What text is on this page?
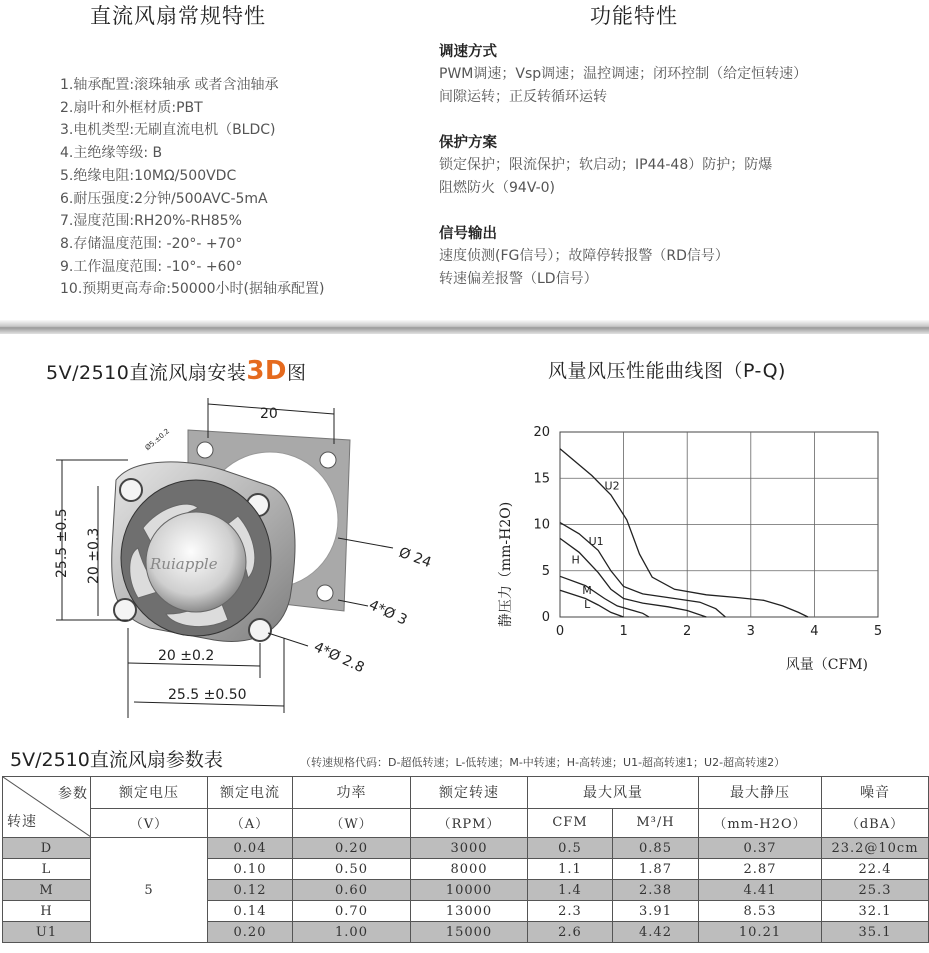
直流风扇常规特性
1.轴承配置:滚珠轴承 或者含油轴承
2.扇叶和外框材质:PBT
3.电机类型:无刷直流电机（BLDC)
4.主绝缘等级: B
5.绝缘电阻:10MΩ/500VDC
6.耐压强度:2分钟/500AVC-5mA
7.湿度范围:RH20%-RH85%
8.存储温度范围: -20°- +70°
9.工作温度范围: -10°- +60°
10.预期更高寿命:50000小时(据轴承配置)
功能特性
调速方式
PWM调速；Vsp调速；温控调速；闭环控制（给定恒转速）
间隙运转；正反转循环运转
保护方案
锁定保护；限流保护；软启动；IP44-48）防护；防爆
阻燃防火（94V-0)
信号输出
速度侦测(FG信号）；故障停转报警（RD信号）
转速偏差报警（LD信号）
5V/2510直流风扇安装3D图
Ruiapple
20
Ø5.±0.2
25.5 ±0.5 20 ±0.3	Ø 24
4*Ø 3
4*Ø 2.8
20 ±0.2
25.5 ±0.50
风量风压性能曲线图（P-Q)
0	1	2	3	4	5
0
5
10
15
20
U2
U1
H
M
L
风量（CFM)
静压力（mm-H2O)
5V/2510直流风扇参数表	（转速规格代码：D-超低转速；L-低转速；M-中转速；H-高转速；U1-超高转速1；U2-超高转速2）
参数
转速	额定电压	额定电流	功率	额定转速	最大风量		最大静压	噪音
	（V）	（A）	（W）	（RPM）	CFM	M³/H	（mm-H2O）	（dBA）
D	5	0.04	0.20	3000	0.5	0.85	0.37	23.2@10cm
L		0.10	0.50	8000	1.1	1.87	2.87	22.4
M		0.12	0.60	10000	1.4	2.38	4.41	25.3
H		0.14	0.70	13000	2.3	3.91	8.53	32.1
U1		0.20	1.00	15000	2.6	4.42	10.21	35.1
